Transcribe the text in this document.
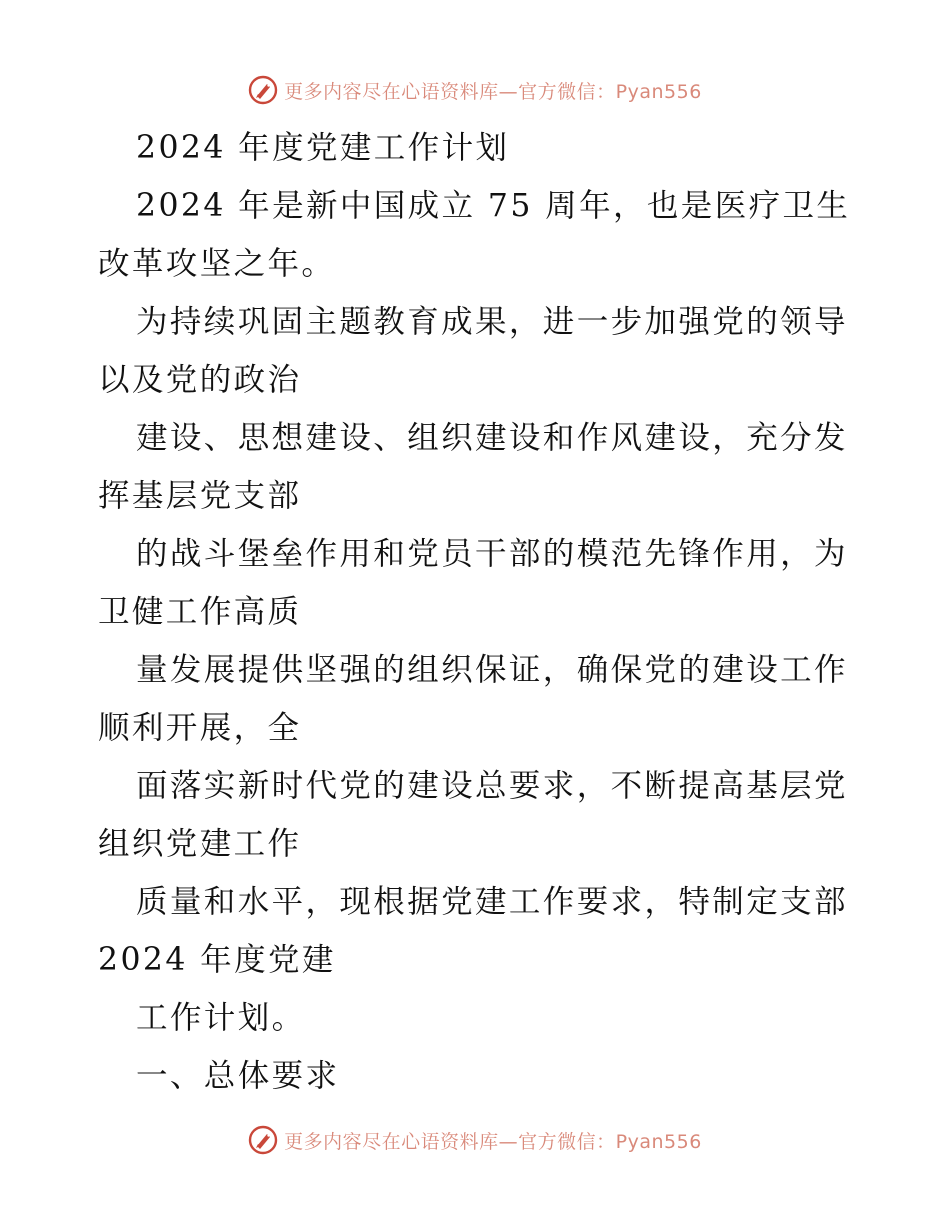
更多内容尽在心语资料库—官方微信：Pyan556
2024 年度党建工作计划
2024 年是新中国成立 75 周年，也是医疗卫生
改革攻坚之年。
为持续巩固主题教育成果，进一步加强党的领导
以及党的政治
建设、思想建设、组织建设和作风建设，充分发
挥基层党支部
的战斗堡垒作用和党员干部的模范先锋作用，为
卫健工作高质
量发展提供坚强的组织保证，确保党的建设工作
顺利开展，全
面落实新时代党的建设总要求，不断提高基层党
组织党建工作
质量和水平，现根据党建工作要求，特制定支部
2024 年度党建
工作计划。
一、总体要求
更多内容尽在心语资料库—官方微信：Pyan556
